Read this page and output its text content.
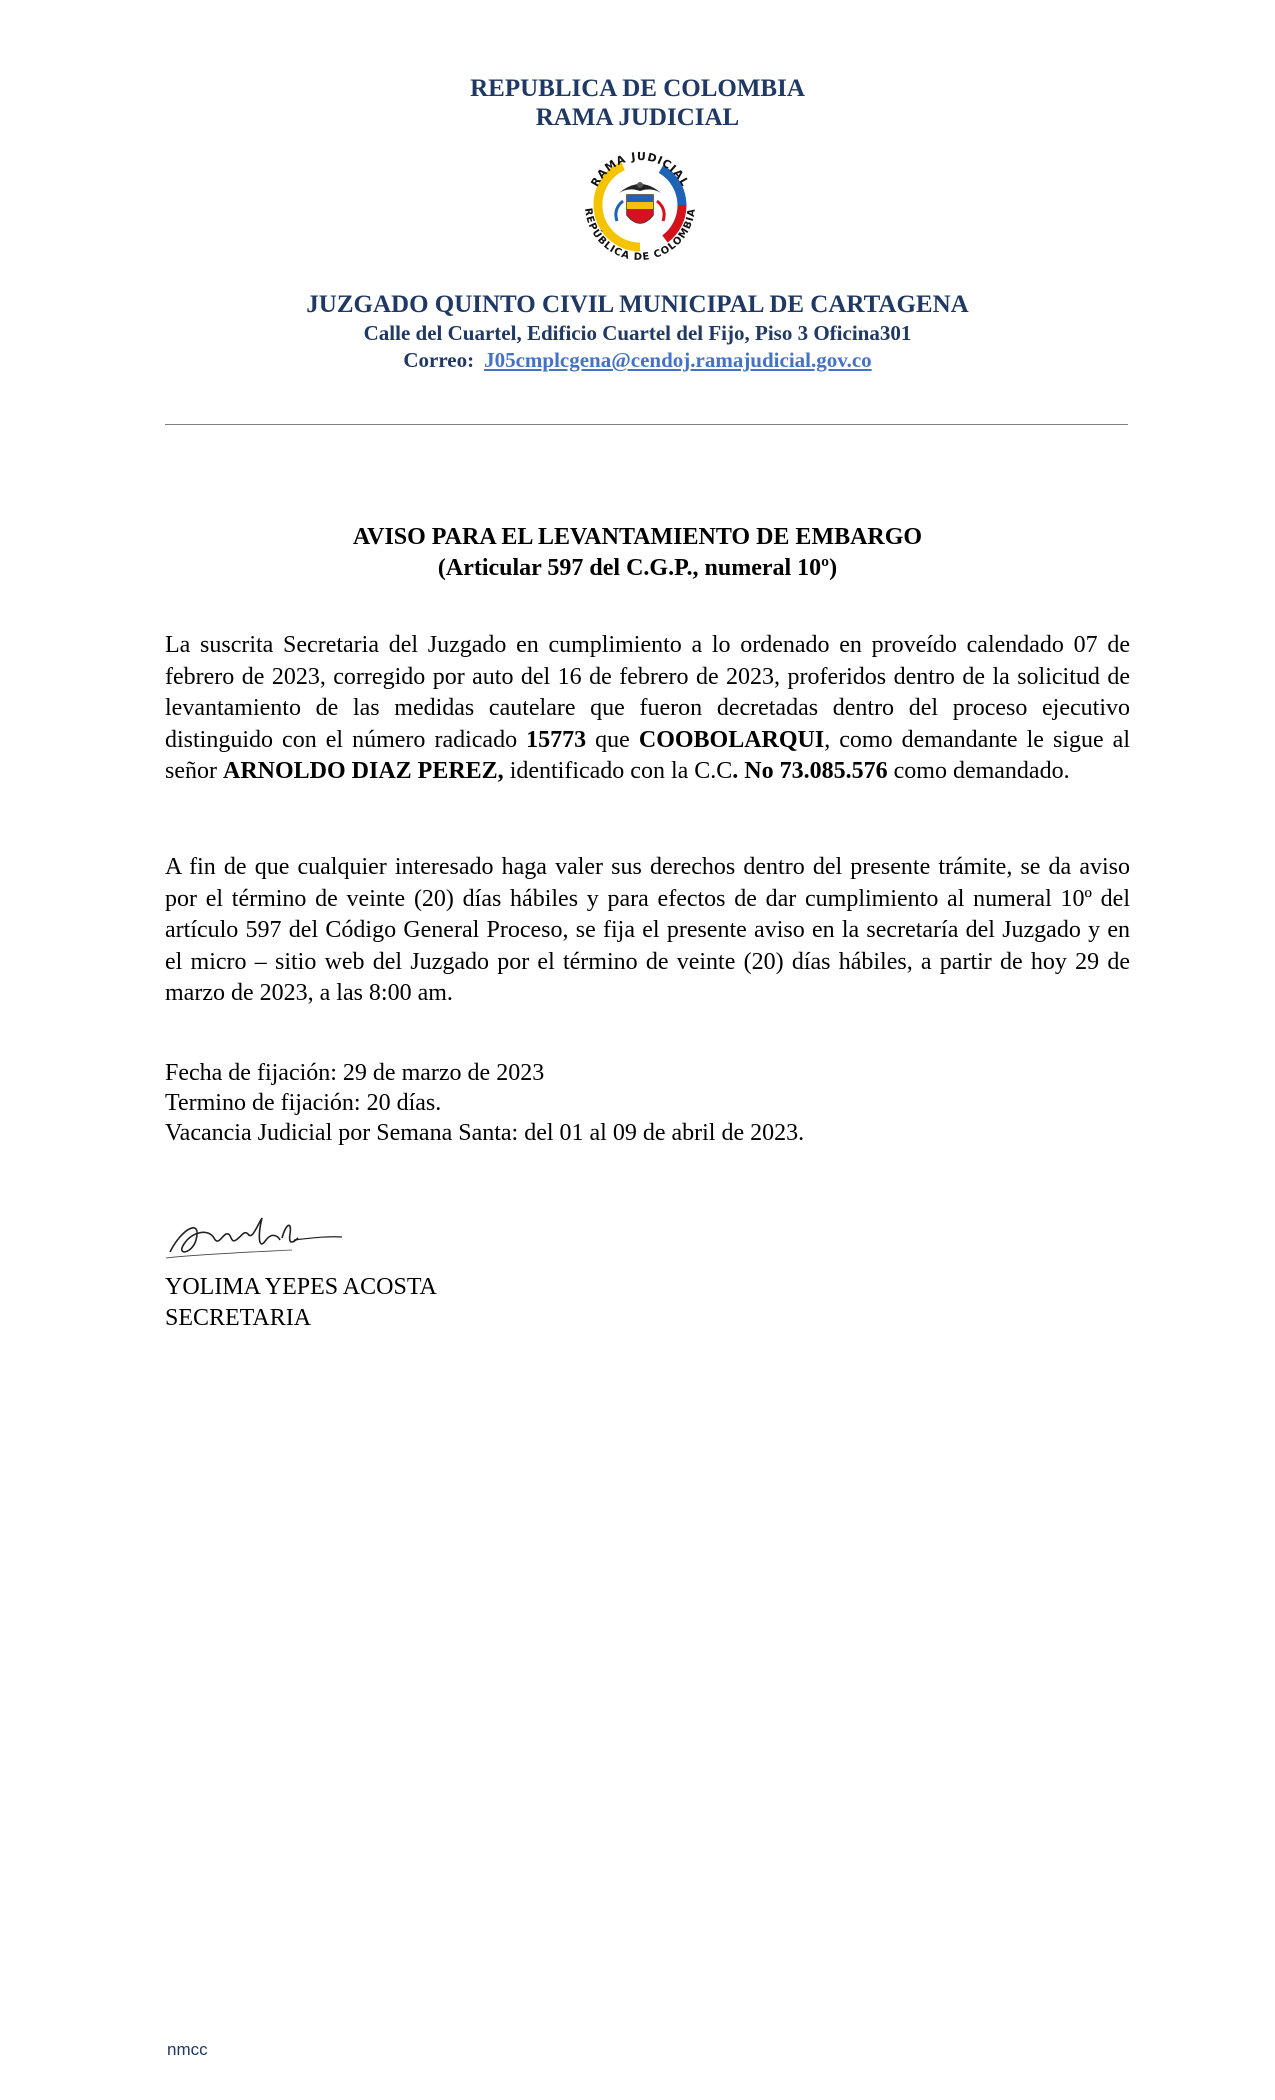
REPUBLICA DE COLOMBIA
RAMA JUDICIAL
RAMA JUDICIAL
REPÚBLICA DE COLOMBIA
JUZGADO QUINTO CIVIL MUNICIPAL DE CARTAGENA
Calle del Cuartel, Edificio Cuartel del Fijo, Piso 3 Oficina301
Correo: J05cmplcgena@cendoj.ramajudicial.gov.co
AVISO PARA EL LEVANTAMIENTO DE EMBARGO
(Articular 597 del C.G.P., numeral 10º)
La suscrita Secretaria del Juzgado en cumplimiento a lo ordenado en proveído calendado 07 de febrero de 2023, corregido por auto del 16 de febrero de 2023, proferidos dentro de la solicitud de levantamiento de las medidas cautelare que fueron decretadas dentro del proceso ejecutivo distinguido con el número radicado 15773 que COOBOLARQUI, como demandante le sigue al señor ARNOLDO DIAZ PEREZ, identificado con la C.C. No 73.085.576 como demandado.
A fin de que cualquier interesado haga valer sus derechos dentro del presente trámite, se da aviso por el término de veinte (20) días hábiles y para efectos de dar cumplimiento al numeral 10º del artículo 597 del Código General Proceso, se fija el presente aviso en la secretaría del Juzgado y en el micro – sitio web del Juzgado por el término de veinte (20) días hábiles, a partir de hoy 29 de marzo de 2023, a las 8:00 am.
Fecha de fijación: 29 de marzo de 2023
Termino de fijación: 20 días.
Vacancia Judicial por Semana Santa: del 01 al 09 de abril de 2023.
YOLIMA YEPES ACOSTA
SECRETARIA
nmcc
